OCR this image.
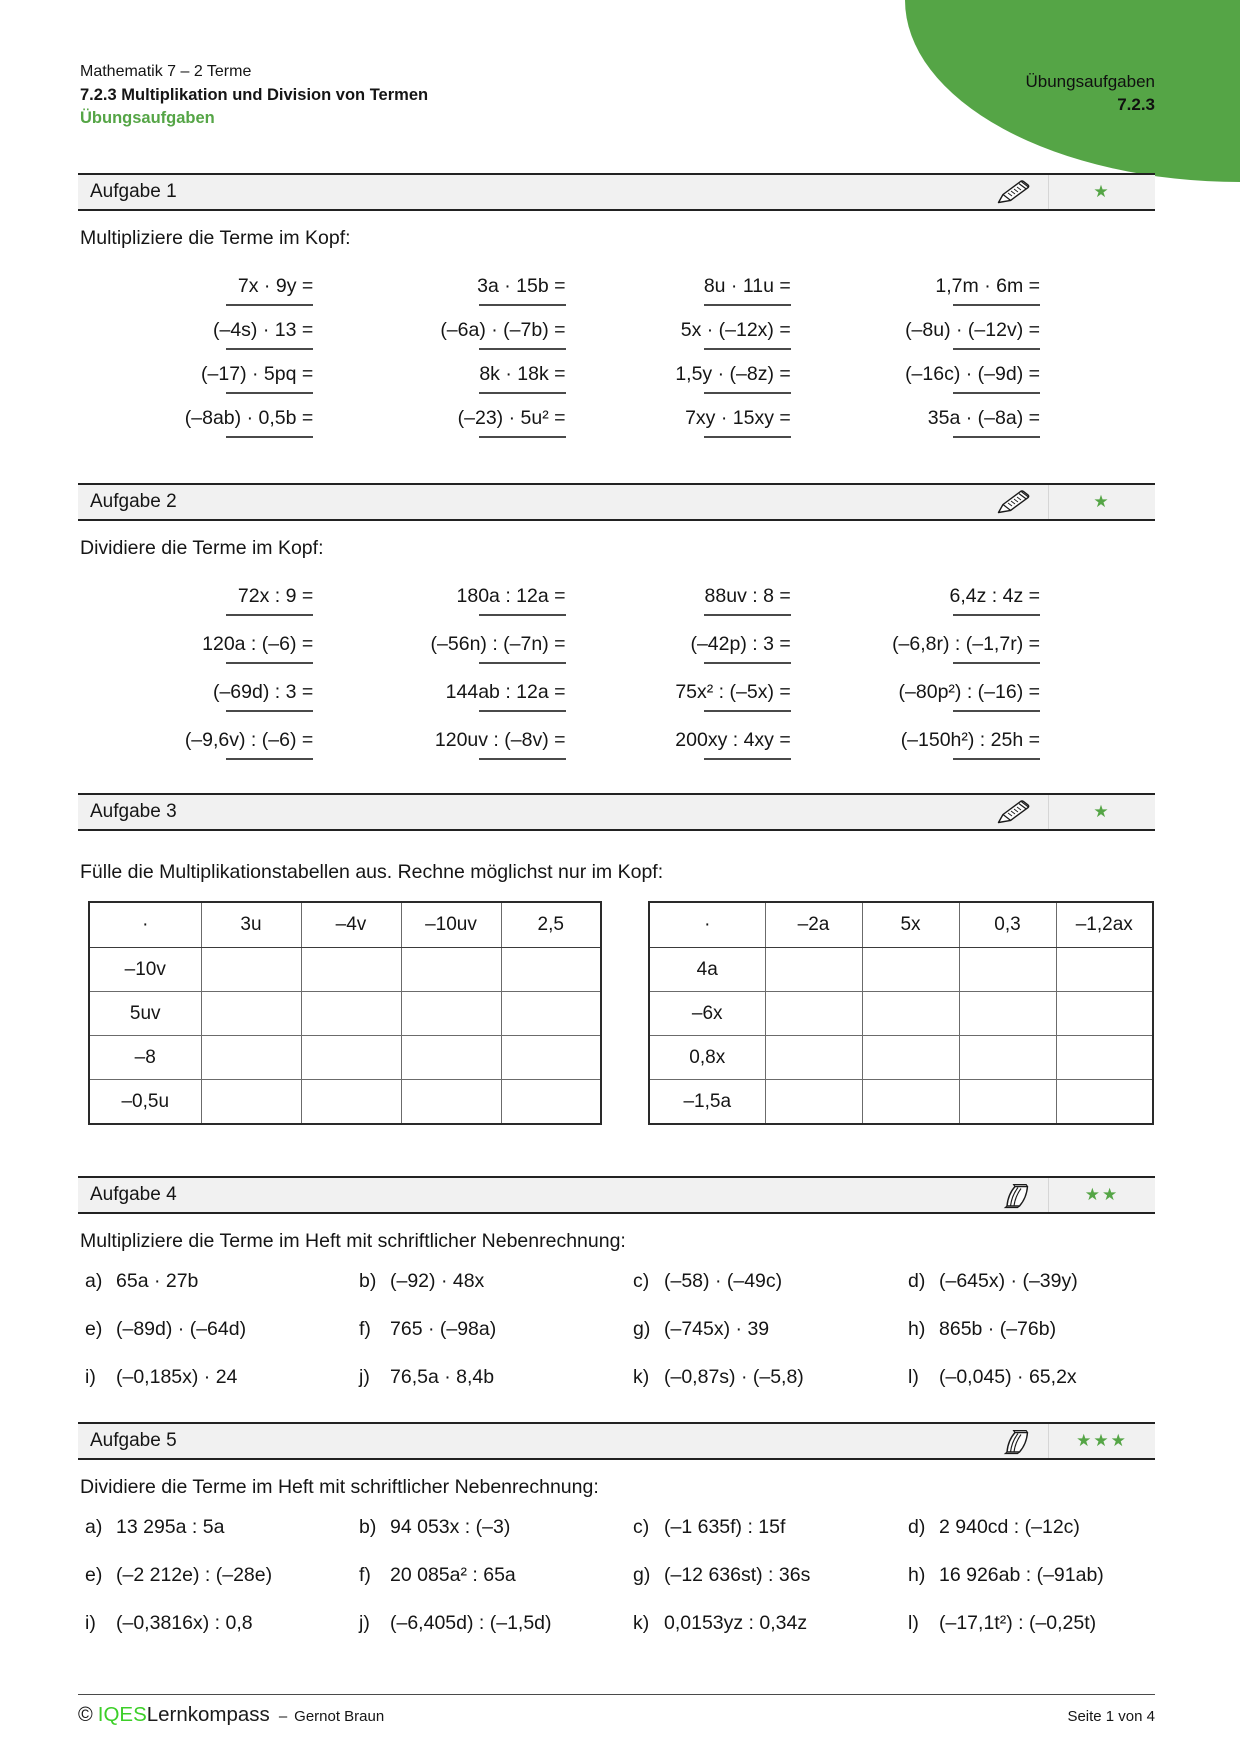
Übungsaufgaben
7.2.3
Mathematik 7 – 2 Terme
7.2.3 Multiplikation und Division von Termen
Übungsaufgaben
Aufgabe 1	★
Multipliziere die Terme im Kopf:
7x · 9y =	3a · 15b =	8u · 11u =	1,7m · 6m =
(–4s) · 13 =	(–6a) · (–7b) =	5x · (–12x) =	(–8u) · (–12v) =
(–17) · 5pq =	8k · 18k =	1,5y · (–8z) =	(–16c) · (–9d) =
(–8ab) · 0,5b =	(–23) · 5u² =	7xy · 15xy =	35a · (–8a) =
Aufgabe 2	★
Dividiere die Terme im Kopf:
72x : 9 =	180a : 12a =	88uv : 8 =	6,4z : 4z =
120a : (–6) =	(–56n) : (–7n) =	(–42p) : 3 =	(–6,8r) : (–1,7r) =
(–69d) : 3 =	144ab : 12a =	75x² : (–5x) =	(–80p²) : (–16) =
(–9,6v) : (–6) =	120uv : (–8v) =	200xy : 4xy =	(–150h²) : 25h =
Aufgabe 3	★
Fülle die Multiplikationstabellen aus. Rechne möglichst nur im Kopf:
·	3u	–4v	–10uv	2,5
–10v				
5uv				
–8				
–0,5u				
·	–2a	5x	0,3	–1,2ax
4a				
–6x				
0,8x				
–1,5a				
Aufgabe 4	★★
Multipliziere die Terme im Heft mit schriftlicher Nebenrechnung:
a) 65a · 27b	b) (–92) · 48x	c) (–58) · (–49c)	d) (–645x) · (–39y)
e) (–89d) · (–64d)	f) 765 · (–98a)	g) (–745x) · 39	h) 865b · (–76b)
i) (–0,185x) · 24	j) 76,5a · 8,4b	k) (–0,87s) · (–5,8)	l) (–0,045) · 65,2x
Aufgabe 5	★★★
Dividiere die Terme im Heft mit schriftlicher Nebenrechnung:
a) 13 295a : 5a	b) 94 053x : (–3)	c) (–1 635f) : 15f	d) 2 940cd : (–12c)
e) (–2 212e) : (–28e)	f) 20 085a² : 65a	g) (–12 636st) : 36s	h) 16 926ab : (–91ab)
i) (–0,3816x) : 0,8	j) (–6,405d) : (–1,5d)	k) 0,0153yz : 0,34z	l) (–17,1t²) : (–0,25t)
© IQES Lernkompass – Gernot Braun	Seite 1 von 4
